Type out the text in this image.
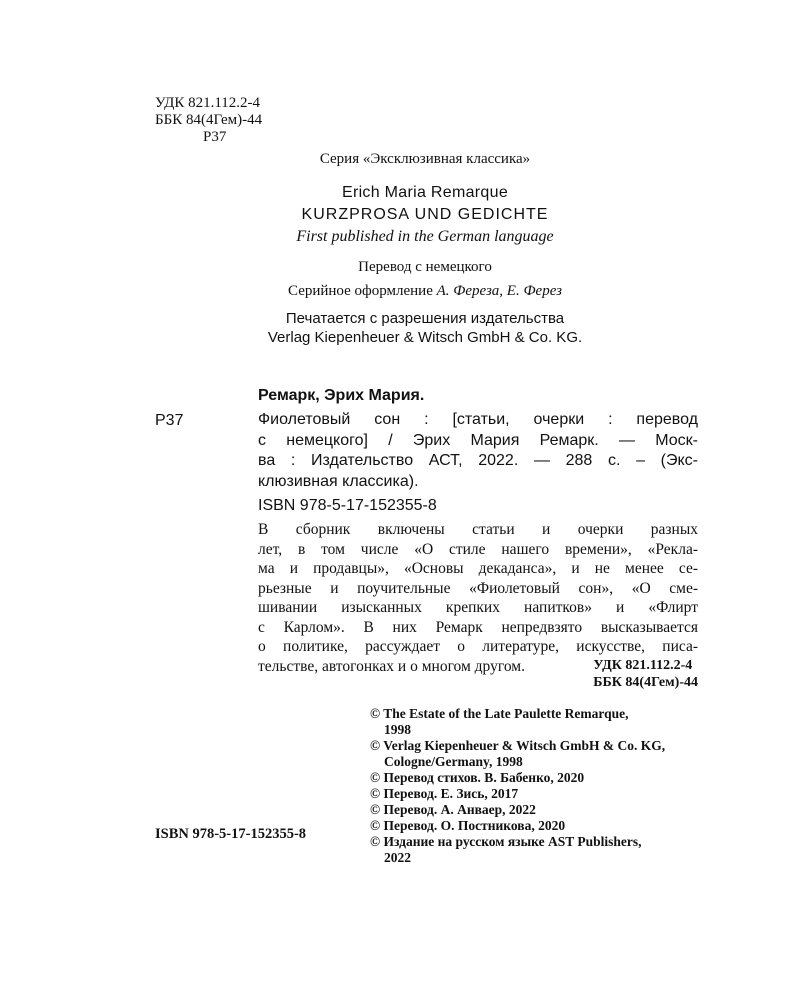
УДК 821.112.2-4
ББК 84(4Гем)-44
Р37
Серия «Эксклюзивная классика»
Erich Maria Remarque
KURZPROSA UND GEDICHTE
First published in the German language
Перевод с немецкого
Серийное оформление А. Фереза, Е. Ферез
Печатается с разрешения издательства
Verlag Kiepenheuer & Witsch GmbH & Co. KG.
Ремарк, Эрих Мария.
Р37	Фиолетовый сон : [статьи, очерки : перевод
с немецкого] / Эрих Мария Ремарк. — Моск-
ва : Издательство АСТ, 2022. — 288 с. – (Экс-
клюзивная классика).
ISBN 978-5-17-152355-8
В сборник включены статьи и очерки разных
лет, в том числе «О стиле нашего времени», «Рекла-
ма и продавцы», «Основы декаданса», и не менее се-
рьезные и поучительные «Фиолетовый сон», «О сме-
шивании изысканных крепких напитков» и «Флирт
с Карлом». В них Ремарк непредвзято высказывается
о политике, рассуждает о литературе, искусстве, писа-
тельстве, автогонках и о многом другом.	УДК 821.112.2-4
ББК 84(4Гем)-44
© The Estate of the Late Paulette Remarque,
1998
© Verlag Kiepenheuer & Witsch GmbH & Co. KG,
Cologne/Germany, 1998
© Перевод стихов. В. Бабенко, 2020
© Перевод. Е. Зись, 2017
© Перевод. А. Анваер, 2022
© Перевод. О. Постникова, 2020
© Издание на русском языке AST Publishers,
2022
ISBN 978-5-17-152355-8
